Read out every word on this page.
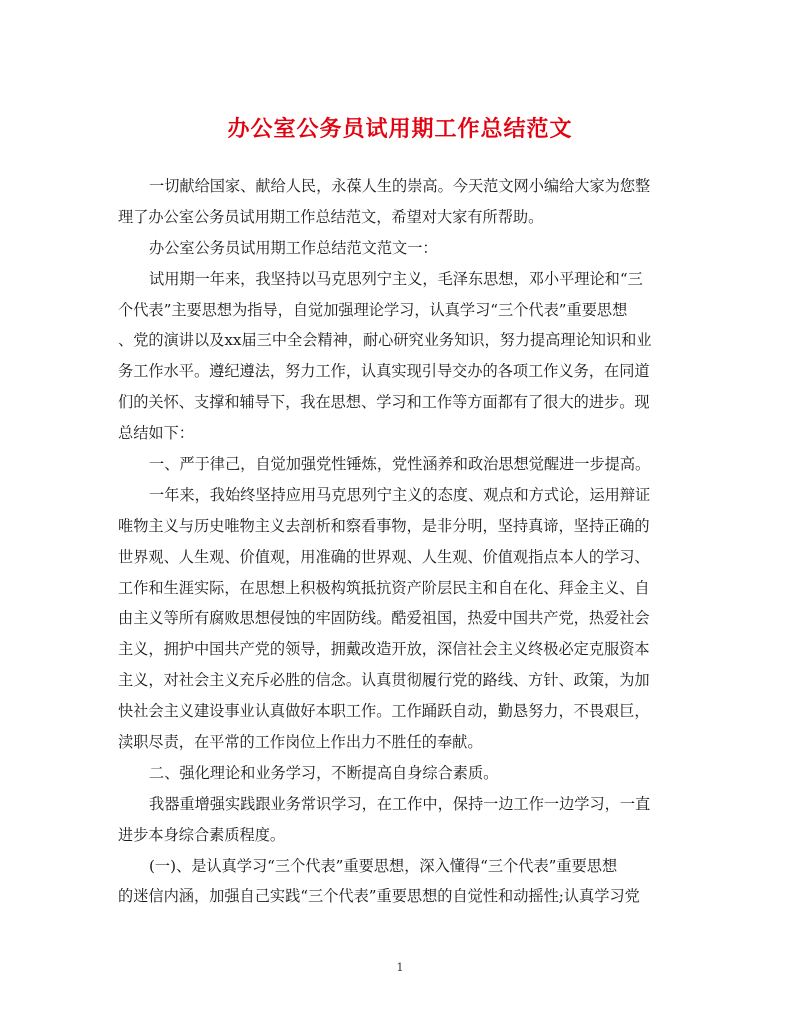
办公室公务员试用期工作总结范文
一切献给国家、献给人民，永葆人生的崇高。今天范文网小编给大家为您整
理了办公室公务员试用期工作总结范文，希望对大家有所帮助。
办公室公务员试用期工作总结范文范文一：
试用期一年来，我坚持以马克思列宁主义，毛泽东思想，邓小平理论和“三
个代表”主要思想为指导，自觉加强理论学习，认真学习“三个代表”重要思想
、党的演讲以及xx届三中全会精神，耐心研究业务知识，努力提高理论知识和业
务工作水平。遵纪遵法，努力工作，认真实现引导交办的各项工作义务，在同道
们的关怀、支撑和辅导下，我在思想、学习和工作等方面都有了很大的进步。现
总结如下：
一、严于律己，自觉加强党性锤炼，党性涵养和政治思想觉醒进一步提高。
一年来，我始终坚持应用马克思列宁主义的态度、观点和方式论，运用辩证
唯物主义与历史唯物主义去剖析和察看事物，是非分明，坚持真谛，坚持正确的
世界观、人生观、价值观，用准确的世界观、人生观、价值观指点本人的学习、
工作和生涯实际，在思想上积极构筑抵抗资产阶层民主和自在化、拜金主义、自
由主义等所有腐败思想侵蚀的牢固防线。酷爱祖国，热爱中国共产党，热爱社会
主义，拥护中国共产党的领导，拥戴改造开放，深信社会主义终极必定克服资本
主义，对社会主义充斥必胜的信念。认真贯彻履行党的路线、方针、政策，为加
快社会主义建设事业认真做好本职工作。工作踊跃自动，勤恳努力，不畏艰巨，
渎职尽责，在平常的工作岗位上作出力不胜任的奉献。
二、强化理论和业务学习，不断提高自身综合素质。
我器重增强实践跟业务常识学习，在工作中，保持一边工作一边学习，一直
进步本身综合素质程度。
(一)、是认真学习“三个代表”重要思想，深入懂得“三个代表”重要思想
的迷信内涵，加强自己实践“三个代表”重要思想的自觉性和动摇性;认真学习党
1
